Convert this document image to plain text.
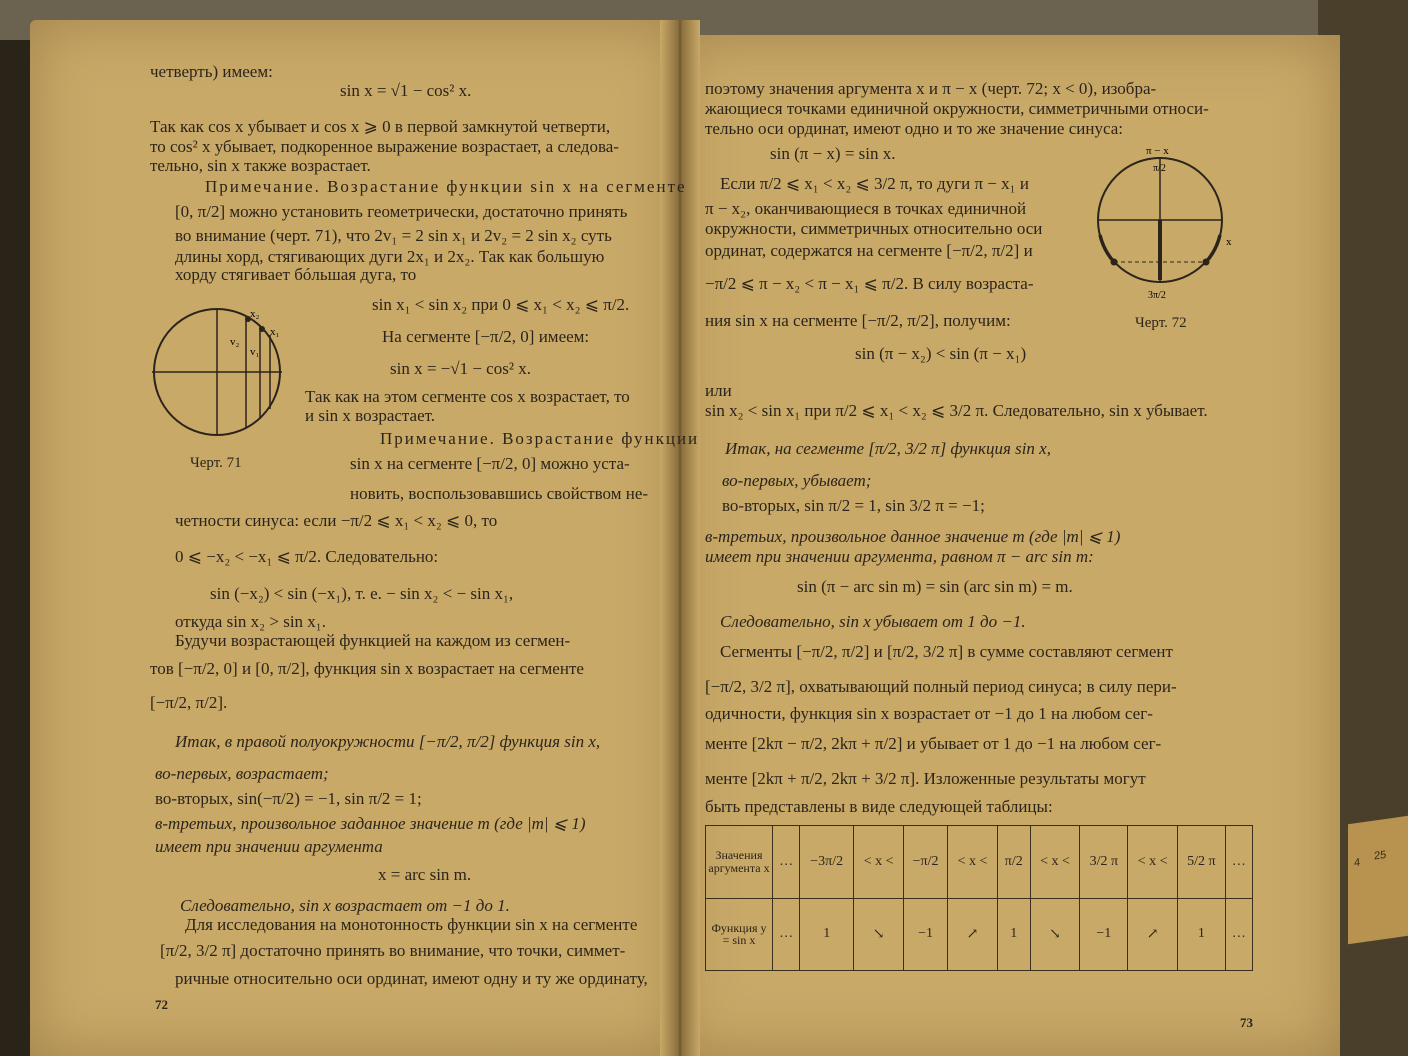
4
25
четверть) имеем:
sin x = √1 − cos² x.
Так как cos x убывает и cos x ⩾ 0 в первой замкнутой четверти,
то cos² x убывает, подкоренное выражение возрастает, а следова-
тельно, sin x также возрастает.
Примечание. Возрастание функции sin x на сегменте
[0, π/2] можно установить геометрически, достаточно принять
во внимание (черт. 71), что 2v₁ = 2 sin x₁ и 2v₂ = 2 sin x₂ суть
длины хорд, стягивающих дуги 2x₁ и 2x₂. Так как большую
хорду стягивает бóльшая дуга, то
sin x₁ < sin x₂ при 0 ⩽ x₁ < x₂ ⩽ π/2.
На сегменте [−π/2, 0] имеем:
sin x = −√1 − cos² x.
Так как на этом сегменте cos x возрастает, то
и sin x возрастает.
Примечание. Возрастание функции
sin x на сегменте [−π/2, 0] можно уста-
новить, воспользовавшись свойством не-
четности синуса: если −π/2 ⩽ x₁ < x₂ ⩽ 0, то
0 ⩽ −x₂ < −x₁ ⩽ π/2. Следовательно:
sin (−x₂) < sin (−x₁), т. е. − sin x₂ < − sin x₁,
откуда sin x₂ > sin x₁.
Будучи возрастающей функцией на каждом из сегмен-
тов [−π/2, 0] и [0, π/2], функция sin x возрастает на сегменте
[−π/2, π/2].
Итак, в правой полуокружности [−π/2, π/2] функция sin x,
во-первых, возрастает;
во-вторых, sin(−π/2) = −1, sin π/2 = 1;
в-третьих, произвольное заданное значение m (где |m| ⩽ 1)
имеет при значении аргумента
x = arc sin m.
Следовательно, sin x возрастает от −1 до 1.
Для исследования на монотонность функции sin x на сегменте
[π/2, 3/2 π] достаточно принять во внимание, что точки, симмет-
ричные относительно оси ординат, имеют одну и ту же ординату,
72
x₂
x₁
v₂
v₁
Черт. 71
поэтому значения аргумента x и π − x (черт. 72; x < 0), изобра-
жающиеся точками единичной окружности, симметричными относи-
тельно оси ординат, имеют одно и то же значение синуса:
sin (π − x) = sin x.
Если π/2 ⩽ x₁ < x₂ ⩽ 3/2 π, то дуги π − x₁ и
π − x₂, оканчивающиеся в точках единичной
окружности, симметричных относительно оси
ординат, содержатся на сегменте [−π/2, π/2] и
−π/2 ⩽ π − x₂ < π − x₁ ⩽ π/2. В силу возраста-
ния sin x на сегменте [−π/2, π/2], получим:
sin (π − x₂) < sin (π − x₁)
или
sin x₂ < sin x₁ при π/2 ⩽ x₁ < x₂ ⩽ 3/2 π. Следовательно, sin x убывает.
Итак, на сегменте [π/2, 3/2 π] функция sin x,
во-первых, убывает;
во-вторых, sin π/2 = 1, sin 3/2 π = −1;
в-третьих, произвольное данное значение m (где |m| ⩽ 1)
имеет при значении аргумента, равном π − arc sin m:
sin (π − arc sin m) = sin (arc sin m) = m.
Следовательно, sin x убывает от 1 до −1.
Сегменты [−π/2, π/2] и [π/2, 3/2 π] в сумме составляют сегмент
[−π/2, 3/2 π], охватывающий полный период синуса; в силу пери-
одичности, функция sin x возрастает от −1 до 1 на любом сег-
менте [2kπ − π/2, 2kπ + π/2] и убывает от 1 до −1 на любом сег-
менте [2kπ + π/2, 2kπ + 3/2 π]. Изложенные результаты могут
быть представлены в виде следующей таблицы:
73
π − x
π/2
x
3π/2
Черт. 72
Значения аргумента x	…	−3π/2	< x <	−π/2	< x <	π/2	< x <	3/2 π	< x <	5/2 π	…
Функция y = sin x	…	1	↘	−1	↗	1	↘	−1	↗	1	…
